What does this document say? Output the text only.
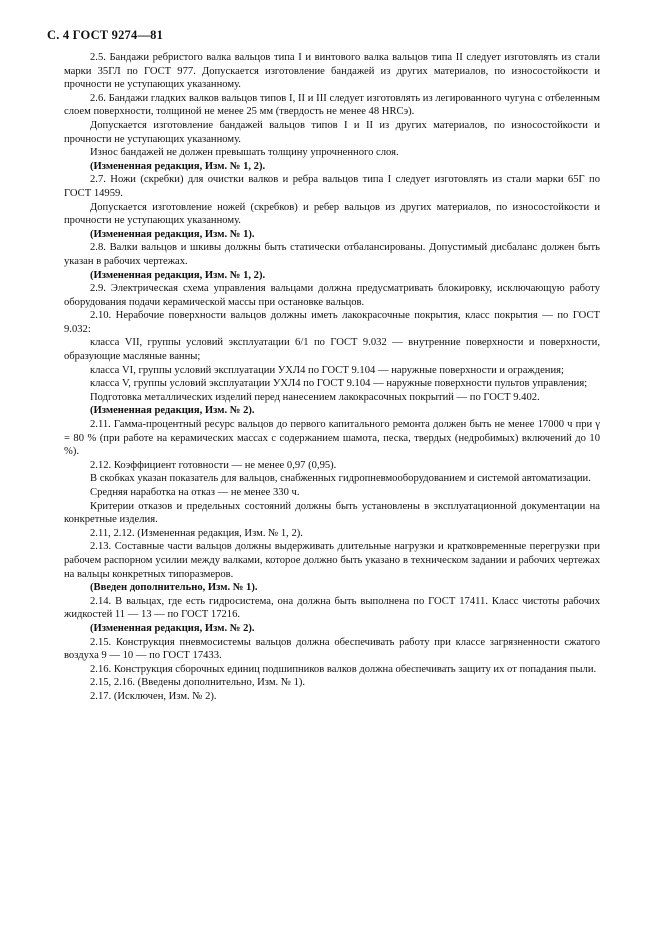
С. 4 ГОСТ 9274—81

2.5. Бандажи ребристого валка вальцов типа I и винтового валка вальцов типа II следует изготовлять из стали марки 35ГЛ по ГОСТ 977. Допускается изготовление бандажей из других материалов, по износостойкости и прочности не уступающих указанному.

2.6. Бандажи гладких валков вальцов типов I, II и III следует изготовлять из легированного чугуна с отбеленным слоем поверхности, толщиной не менее 25 мм (твердость не менее 48 HRCэ).

Допускается изготовление бандажей вальцов типов I и II из других материалов, по износостойкости и прочности не уступающих указанному.

Износ бандажей не должен превышать толщину упрочненного слоя.

(Измененная редакция, Изм. № 1, 2).

2.7. Ножи (скребки) для очистки валков и ребра вальцов типа I следует изготовлять из стали марки 65Г по ГОСТ 14959.

Допускается изготовление ножей (скребков) и ребер вальцов из других материалов, по износостойкости и прочности не уступающих указанному.

(Измененная редакция, Изм. № 1).

2.8. Валки вальцов и шкивы должны быть статически отбалансированы. Допустимый дисбаланс должен быть указан в рабочих чертежах.

(Измененная редакция, Изм. № 1, 2).

2.9. Электрическая схема управления вальцами должна предусматривать блокировку, исключающую работу оборудования подачи керамической массы при остановке вальцов.

2.10. Нерабочие поверхности вальцов должны иметь лакокрасочные покрытия, класс покрытия — по ГОСТ 9.032:

класса VII, группы условий эксплуатации 6/1 по ГОСТ 9.032 — внутренние поверхности и поверхности, образующие масляные ванны;

класса VI, группы условий эксплуатации УХЛ4 по ГОСТ 9.104 — наружные поверхности и ограждения;

класса V, группы условий эксплуатации УХЛ4 по ГОСТ 9.104 — наружные поверхности пультов управления;

Подготовка металлических изделий перед нанесением лакокрасочных покрытий — по ГОСТ 9.402.

(Измененная редакция, Изм. № 2).

2.11. Гамма-процентный ресурс вальцов до первого капитального ремонта должен быть не менее 17000 ч при γ = 80 % (при работе на керамических массах с содержанием шамота, песка, твердых (недробимых) включений до 10 %).

2.12. Коэффициент готовности — не менее 0,97 (0,95).

В скобках указан показатель для вальцов, снабженных гидропневмооборудованием и системой автоматизации.

Средняя наработка на отказ — не менее 330 ч.

Критерии отказов и предельных состояний должны быть установлены в эксплуатационной документации на конкретные изделия.

2.11, 2.12. (Измененная редакция, Изм. № 1, 2).

2.13. Составные части вальцов должны выдерживать длительные нагрузки и кратковременные перегрузки при рабочем распорном усилии между валками, которое должно быть указано в техническом задании и рабочих чертежах на вальцы конкретных типоразмеров.

(Введен дополнительно, Изм. № 1).

2.14. В вальцах, где есть гидросистема, она должна быть выполнена по ГОСТ 17411. Класс чистоты рабочих жидкостей 11 — 13 — по ГОСТ 17216.

(Измененная редакция, Изм. № 2).

2.15. Конструкция пневмосистемы вальцов должна обеспечивать работу при классе загрязненности сжатого воздуха 9 — 10 — по ГОСТ 17433.

2.16. Конструкция сборочных единиц подшипников валков должна обеспечивать защиту их от попадания пыли.

2.15, 2.16. (Введены дополнительно, Изм. № 1).

2.17. (Исключен, Изм. № 2).
